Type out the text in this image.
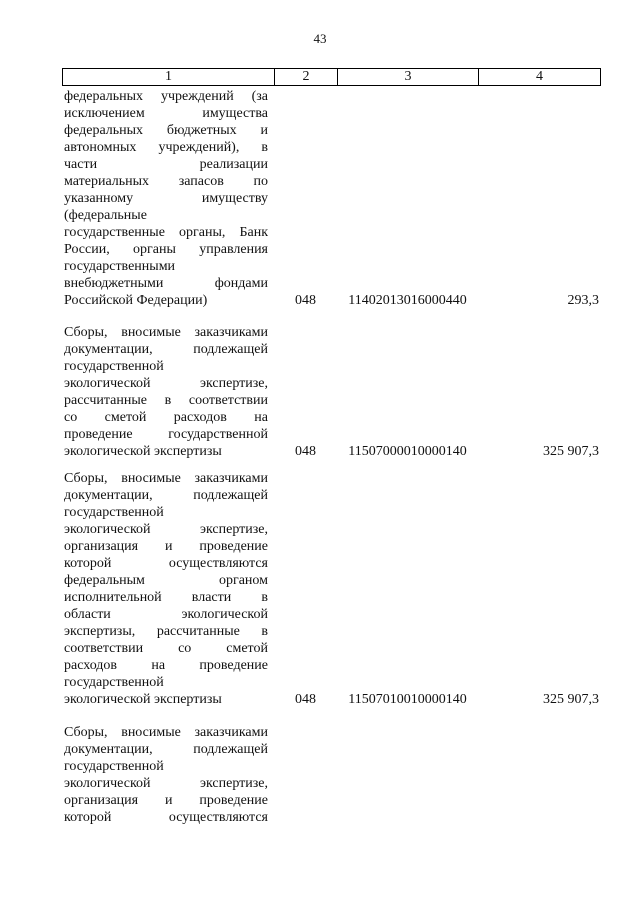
43
1	2	3	4
федеральных учреждений (за
исключением имущества
федеральных бюджетных и
автономных учреждений), в
части реализации
материальных запасов по
указанному имуществу
(федеральные
государственные органы, Банк
России, органы управления
государственными
внебюджетными фондами
Российской Федерации)	048	11402013016000440	293,3
Сборы, вносимые заказчиками
документации, подлежащей
государственной
экологической экспертизе,
рассчитанные в соответствии
со сметой расходов на
проведение государственной
экологической экспертизы	048	11507000010000140	325 907,3
Сборы, вносимые заказчиками
документации, подлежащей
государственной
экологической экспертизе,
организация и проведение
которой осуществляются
федеральным органом
исполнительной власти в
области экологической
экспертизы, рассчитанные в
соответствии со сметой
расходов на проведение
государственной
экологической экспертизы	048	11507010010000140	325 907,3
Сборы, вносимые заказчиками
документации, подлежащей
государственной
экологической экспертизе,
организация и проведение
которой осуществляются
